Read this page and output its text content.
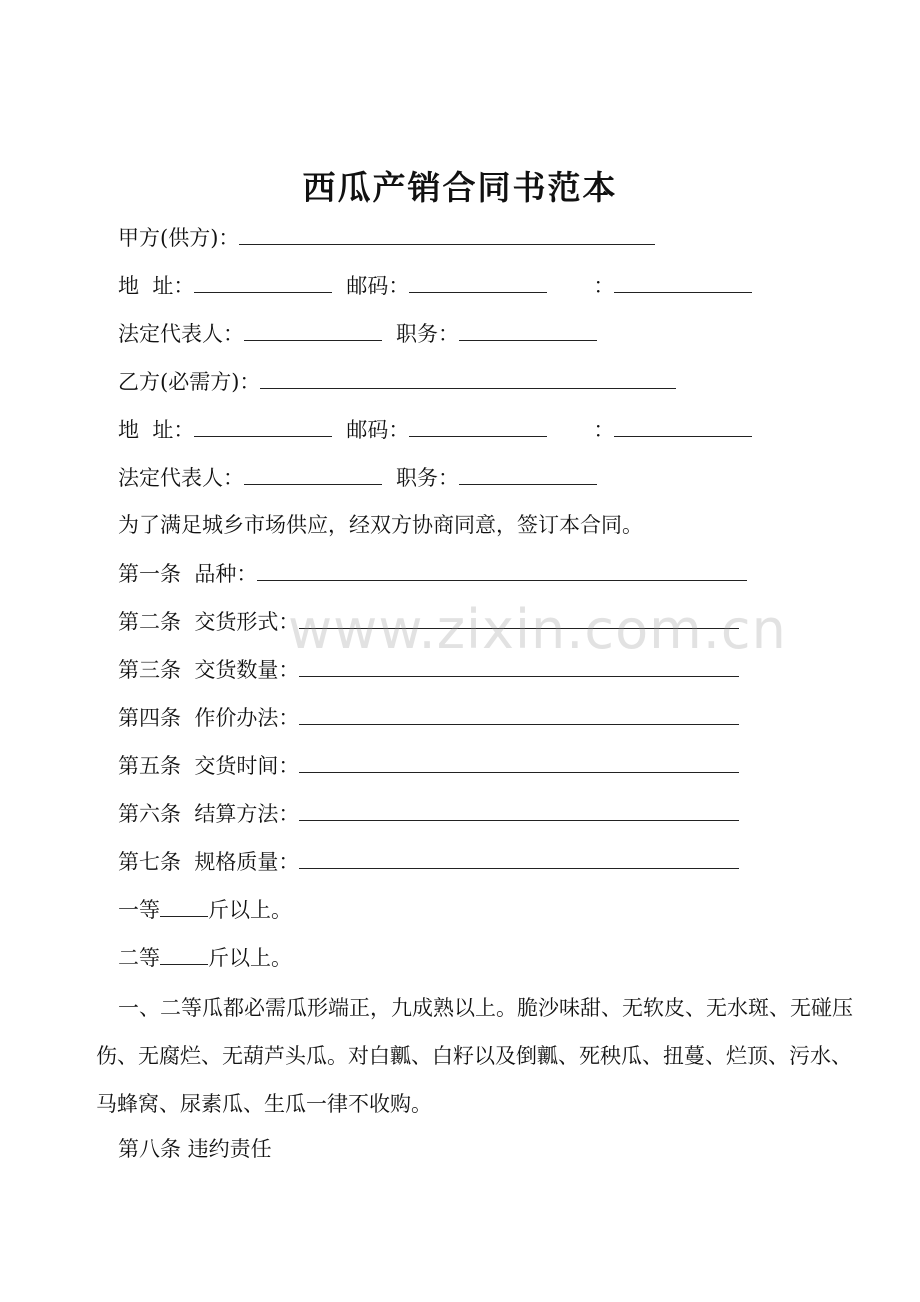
西瓜产销合同书范本
甲方(供方)：
地  址：	邮码：	：
法定代表人：	职务：
乙方(必需方)：
地  址：	邮码：	：
法定代表人：	职务：
为了满足城乡市场供应，经双方协商同意，签订本合同。
第一条  品种：
第二条  交货形式：
第三条  交货数量：
第四条  作价办法：
第五条  交货时间：
第六条  结算方法：
第七条  规格质量：
一等 斤以上。
二等 斤以上。
一、二等瓜都必需瓜形端正，九成熟以上。脆沙味甜、无软皮、无水斑、无碰压伤、无腐烂、无葫芦头瓜。对白瓤、白籽以及倒瓤、死秧瓜、扭蔓、烂顶、污水、马蜂窝、尿素瓜、生瓜一律不收购。
第八条 违约责任
www.zixin.com.cn
